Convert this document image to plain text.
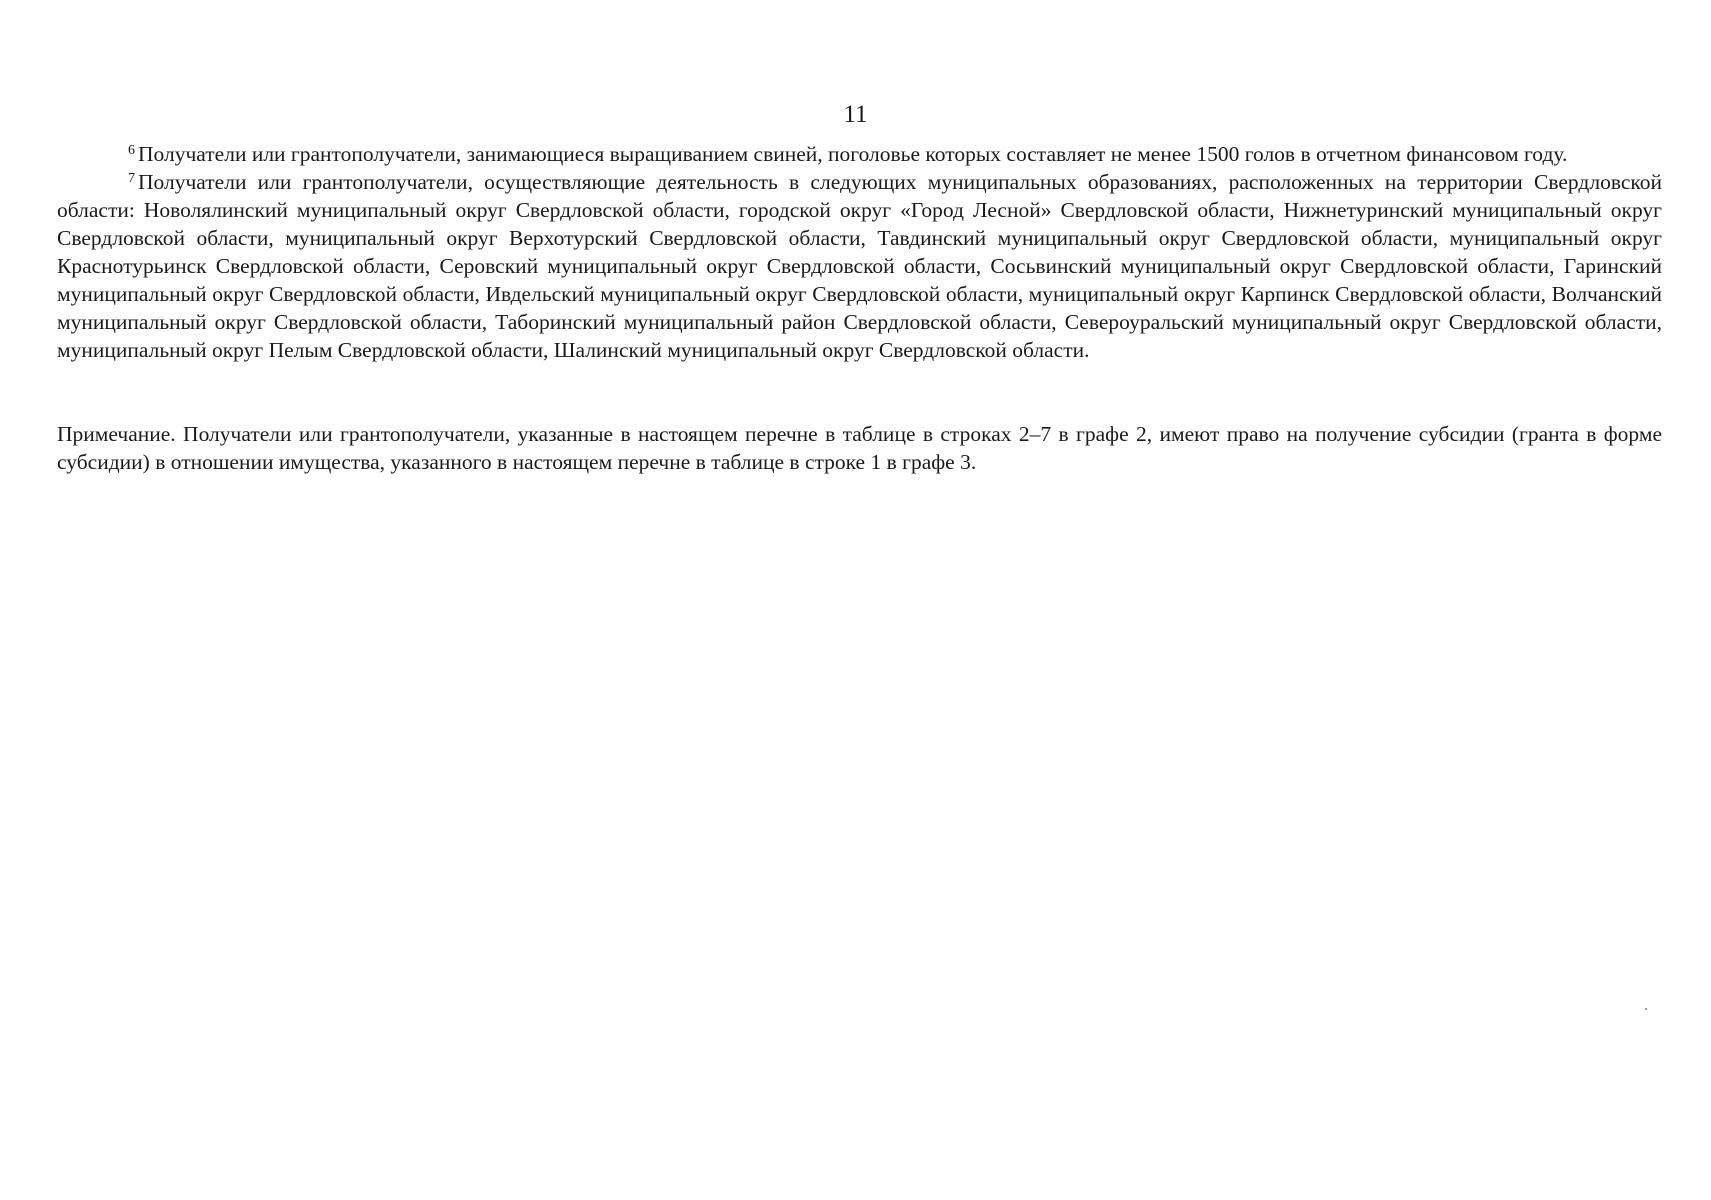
11

$^6$ Получатели или грантополучатели, занимающиеся выращиванием свиней, поголовье которых составляет не менее 1500 голов в отчетном финансовом году.

$^7$ Получатели или грантополучатели, осуществляющие деятельность в следующих муниципальных образованиях, расположенных на территории Свердловской области: Новолялинский муниципальный округ Свердловской области, городской округ «Город Лесной» Свердловской области, Нижнетуринский муниципальный округ Свердловской области, муниципальный округ Верхотурский Свердловской области, Тавдинский муниципальный округ Свердловской области, муниципальный округ Краснотурьинск Свердловской области, Серовский муниципальный округ Свердловской области, Сосьвинский муниципальный округ Свердловской области, Гаринский муниципальный округ Свердловской области, Ивдельский муниципальный округ Свердловской области, муниципальный округ Карпинск Свердловской области, Волчанский муниципальный округ Свердловской области, Таборинский муниципальный район Свердловской области, Североуральский муниципальный округ Свердловской области, муниципальный округ Пелым Свердловской области, Шалинский муниципальный округ Свердловской области.

Примечание. Получатели или грантополучатели, указанные в настоящем перечне в таблице в строках 2–7 в графе 2, имеют право на получение субсидии (гранта в форме субсидии) в отношении имущества, указанного в настоящем перечне в таблице в строке 1 в графе 3.
